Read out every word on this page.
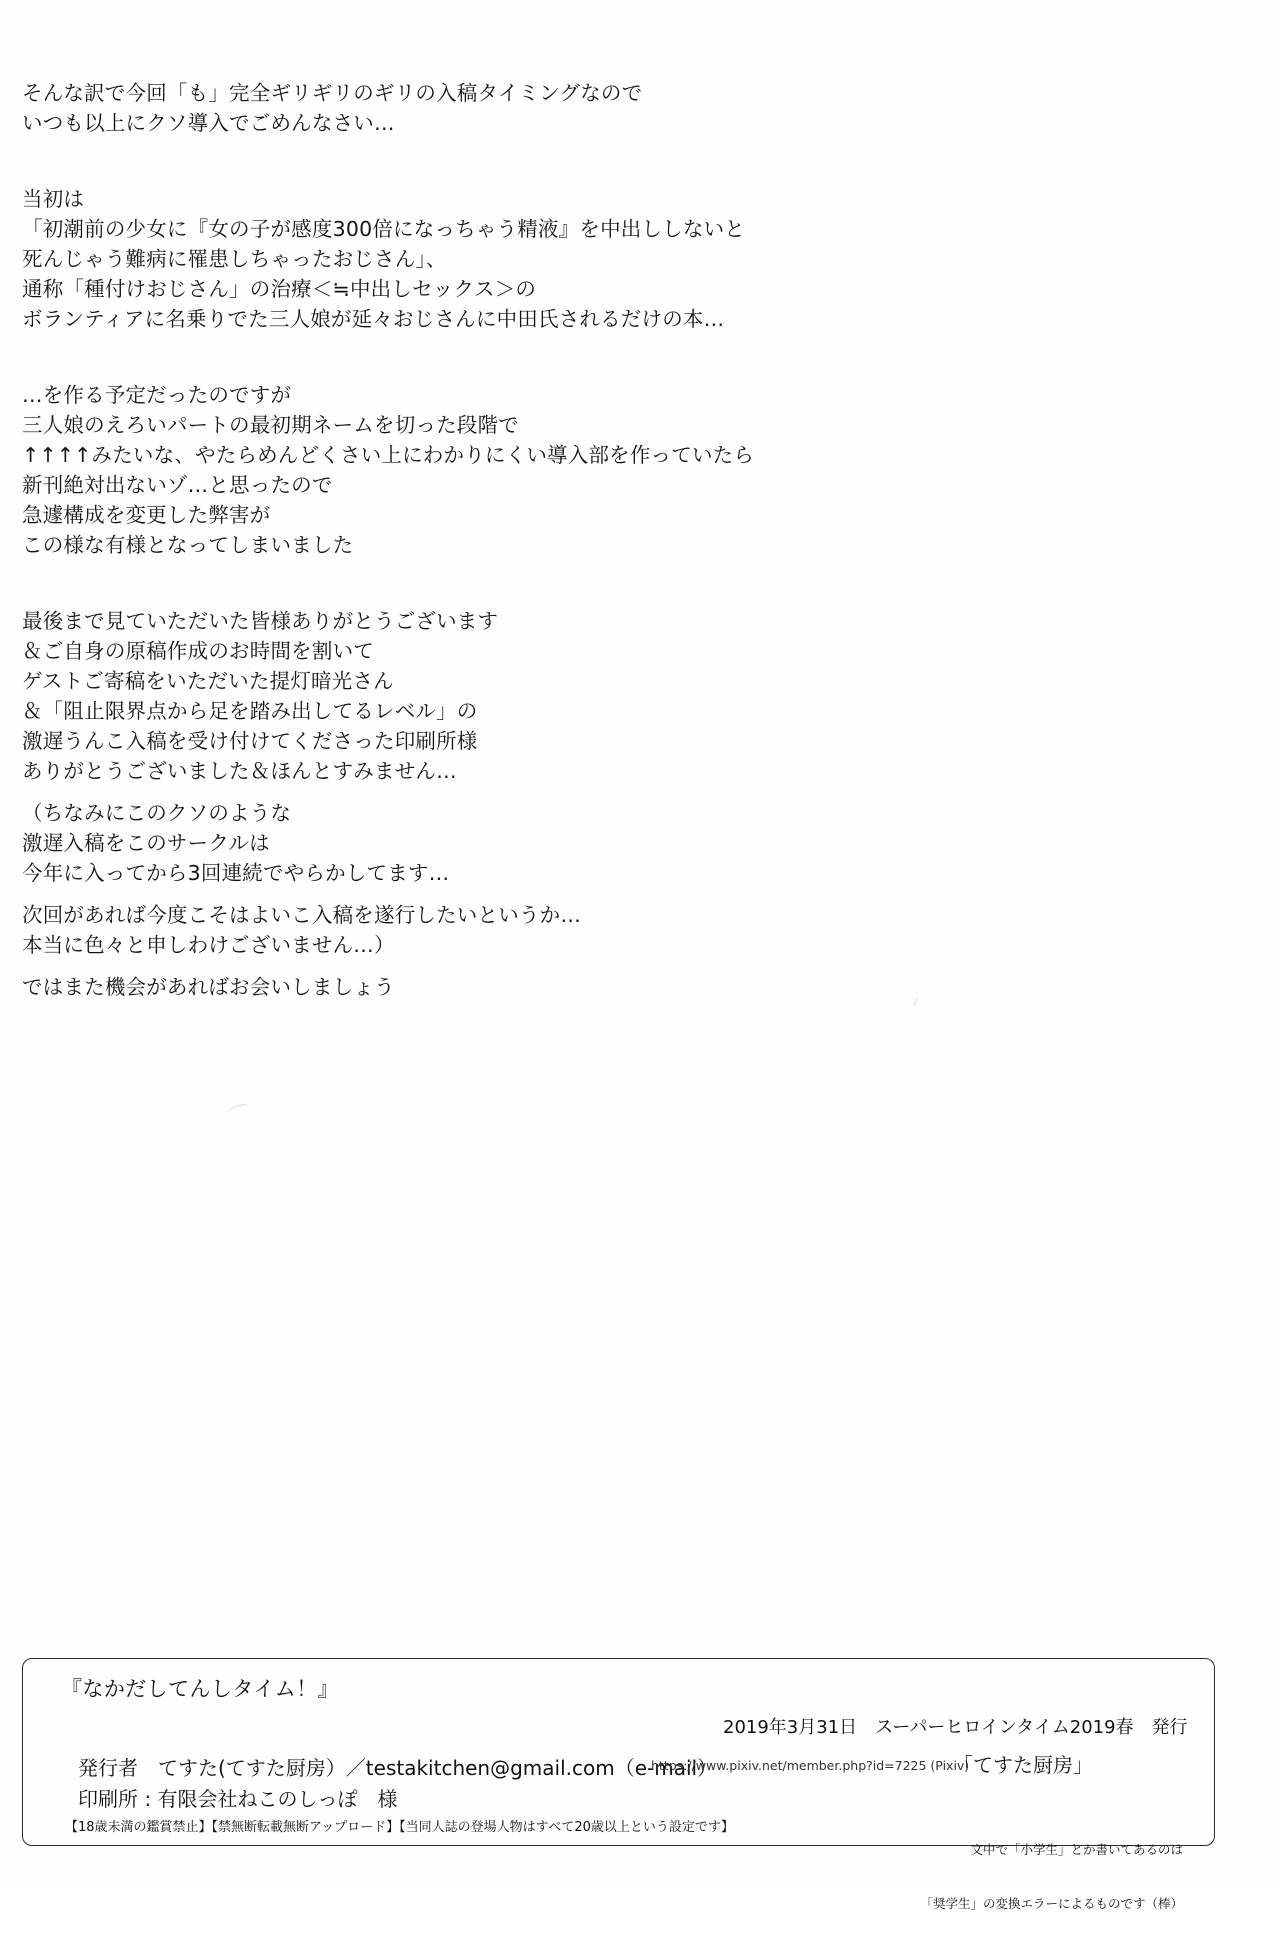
そんな訳で今回「も」完全ギリギリのギリの入稿タイミングなので
いつも以上にクソ導入でごめんなさい…
当初は
「初潮前の少女に『女の子が感度300倍になっちゃう精液』を中出ししないと
死んじゃう難病に罹患しちゃったおじさん」、
通称「種付けおじさん」の治療＜≒中出しセックス＞の
ボランティアに名乗りでた三人娘が延々おじさんに中田氏されるだけの本…
…を作る予定だったのですが
三人娘のえろいパートの最初期ネームを切った段階で
↑↑↑↑みたいな、やたらめんどくさい上にわかりにくい導入部を作っていたら
新刊絶対出ないゾ…と思ったので
急遽構成を変更した弊害が
この様な有様となってしまいました
最後まで見ていただいた皆様ありがとうございます
＆ご自身の原稿作成のお時間を割いて
ゲストご寄稿をいただいた提灯暗光さん
＆「阻止限界点から足を踏み出してるレベル」の
激遅うんこ入稿を受け付けてくださった印刷所様
ありがとうございました＆ほんとすみません…
（ちなみにこのクソのような
激遅入稿をこのサークルは
今年に入ってから3回連続でやらかしてます…
次回があれば今度こそはよいこ入稿を遂行したいというか…
本当に色々と申しわけございません…）
ではまた機会があればお会いしましょう
『なかだしてんしタイム！』
2019年3月31日　スーパーヒロインタイム2019春　発行
発行者　てすた(てすた厨房）／testakitchen@gmail.com（e-mail）
https://www.pixiv.net/member.php?id=7225 (Pixiv)
「てすた厨房」
印刷所 : 有限会社ねこのしっぽ　様
【18歳未満の鑑賞禁止】【禁無断転載無断アップロード】【当同人誌の登場人物はすべて20歳以上という設定です】

文中で「小学生」とか書いてあるのは

「奨学生」の変換エラーによるものです（棒）
